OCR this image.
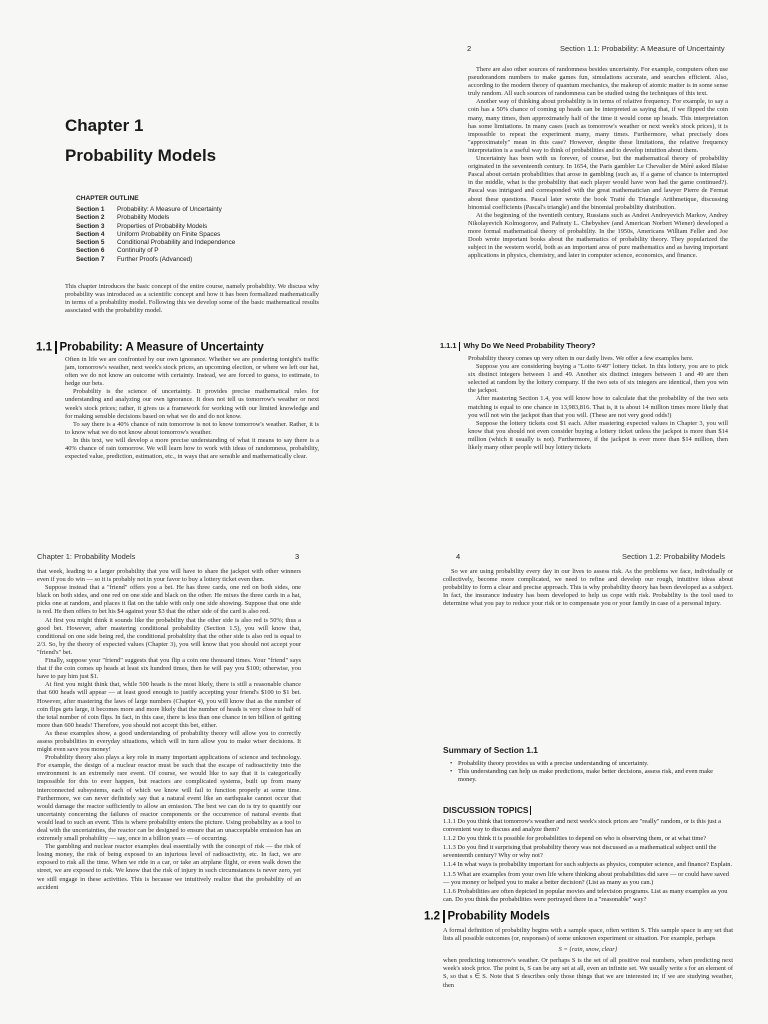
Chapter 1
Probability Models
CHAPTER OUTLINE
Section 1	Probability: A Measure of Uncertainty
Section 2	Probability Models
Section 3	Properties of Probability Models
Section 4	Uniform Probability on Finite Spaces
Section 5	Conditional Probability and Independence
Section 6	Continuity of P
Section 7	Further Proofs (Advanced)

This chapter introduces the basic concept of the entire course, namely probability. We discuss why probability was introduced as a scientific concept and how it has been formalized mathematically in terms of a probability model. Following this we develop some of the basic mathematical results associated with the probability model.

1.1 Probability: A Measure of Uncertainty

Often in life we are confronted by our own ignorance. Whether we are pondering tonight's traffic jam, tomorrow's weather, next week's stock prices, an upcoming election, or where we left our hat, often we do not know an outcome with certainty. Instead, we are forced to guess, to estimate, to hedge our bets.

Probability is the science of uncertainty. It provides precise mathematical rules for understanding and analyzing our own ignorance. It does not tell us tomorrow's weather or next week's stock prices; rather, it gives us a framework for working with our limited knowledge and for making sensible decisions based on what we do and do not know.

To say there is a 40% chance of rain tomorrow is not to know tomorrow's weather. Rather, it is to know what we do not know about tomorrow's weather.

In this text, we will develop a more precise understanding of what it means to say there is a 40% chance of rain tomorrow. We will learn how to work with ideas of randomness, probability, expected value, prediction, estimation, etc., in ways that are sensible and mathematically clear.

2	Section 1.1: Probability: A Measure of Uncertainty

There are also other sources of randomness besides uncertainty. For example, computers often use pseudorandom numbers to make games fun, simulations accurate, and searches efficient. Also, according to the modern theory of quantum mechanics, the makeup of atomic matter is in some sense truly random. All such sources of randomness can be studied using the techniques of this text.

Another way of thinking about probability is in terms of relative frequency. For example, to say a coin has a 50% chance of coming up heads can be interpreted as saying that, if we flipped the coin many, many times, then approximately half of the time it would come up heads. This interpretation has some limitations. In many cases (such as tomorrow's weather or next week's stock prices), it is impossible to repeat the experiment many, many times. Furthermore, what precisely does "approximately" mean in this case? However, despite these limitations, the relative frequency interpretation is a useful way to think of probabilities and to develop intuition about them.

Uncertainty has been with us forever, of course, but the mathematical theory of probability originated in the seventeenth century. In 1654, the Paris gambler Le Chevalier de Méré asked Blaise Pascal about certain probabilities that arose in gambling (such as, if a game of chance is interrupted in the middle, what is the probability that each player would have won had the game continued?). Pascal was intrigued and corresponded with the great mathematician and lawyer Pierre de Fermat about these questions. Pascal later wrote the book Traité du Triangle Arithmetique, discussing binomial coefficients (Pascal's triangle) and the binomial probability distribution.

At the beginning of the twentieth century, Russians such as Andrei Andreyevich Markov, Andrey Nikolayevich Kolmogorov, and Pafnuty L. Chebyshev (and American Norbert Wiener) developed a more formal mathematical theory of probability. In the 1950s, Americans William Feller and Joe Doob wrote important books about the mathematics of probability theory. They popularized the subject in the western world, both as an important area of pure mathematics and as having important applications in physics, chemistry, and later in computer science, economics, and finance.

1.1.1 Why Do We Need Probability Theory?

Probability theory comes up very often in our daily lives. We offer a few examples here.

Suppose you are considering buying a "Lotto 6/49" lottery ticket. In this lottery, you are to pick six distinct integers between 1 and 49. Another six distinct integers between 1 and 49 are then selected at random by the lottery company. If the two sets of six integers are identical, then you win the jackpot.

After mastering Section 1.4, you will know how to calculate that the probability of the two sets matching is equal to one chance in 13,983,816. That is, it is about 14 million times more likely that you will not win the jackpot than that you will. (These are not very good odds!)

Suppose the lottery tickets cost $1 each. After mastering expected values in Chapter 3, you will know that you should not even consider buying a lottery ticket unless the jackpot is more than $14 million (which it usually is not). Furthermore, if the jackpot is ever more than $14 million, then likely many other people will buy lottery tickets

Chapter 1: Probability Models	3

that week, leading to a larger probability that you will have to share the jackpot with other winners even if you do win — so it is probably not in your favor to buy a lottery ticket even then.

Suppose instead that a "friend" offers you a bet. He has three cards, one red on both sides, one black on both sides, and one red on one side and black on the other. He mixes the three cards in a hat, picks one at random, and places it flat on the table with only one side showing. Suppose that one side is red. He then offers to bet his $4 against your $3 that the other side of the card is also red.

At first you might think it sounds like the probability that the other side is also red is 50%; thus a good bet. However, after mastering conditional probability (Section 1.5), you will know that, conditional on one side being red, the conditional probability that the other side is also red is equal to 2/3. So, by the theory of expected values (Chapter 3), you will know that you should not accept your "friend's" bet.

Finally, suppose your "friend" suggests that you flip a coin one thousand times. Your "friend" says that if the coin comes up heads at least six hundred times, then he will pay you $100; otherwise, you have to pay him just $1.

At first you might think that, while 500 heads is the most likely, there is still a reasonable chance that 600 heads will appear — at least good enough to justify accepting your friend's $100 to $1 bet. However, after mastering the laws of large numbers (Chapter 4), you will know that as the number of coin flips gets large, it becomes more and more likely that the number of heads is very close to half of the total number of coin flips. In fact, in this case, there is less than one chance in ten billion of getting more than 600 heads! Therefore, you should not accept this bet, either.

As these examples show, a good understanding of probability theory will allow you to correctly assess probabilities in everyday situations, which will in turn allow you to make wiser decisions. It might even save you money!

Probability theory also plays a key role in many important applications of science and technology. For example, the design of a nuclear reactor must be such that the escape of radioactivity into the environment is an extremely rare event. Of course, we would like to say that it is categorically impossible for this to ever happen, but reactors are complicated systems, built up from many interconnected subsystems, each of which we know will fail to function properly at some time. Furthermore, we can never definitely say that a natural event like an earthquake cannot occur that would damage the reactor sufficiently to allow an emission. The best we can do is try to quantify our uncertainty concerning the failures of reactor components or the occurrence of natural events that would lead to such an event. This is where probability enters the picture. Using probability as a tool to deal with the uncertainties, the reactor can be designed to ensure that an unacceptable emission has an extremely small probability — say, once in a billion years — of occurring.

The gambling and nuclear reactor examples deal essentially with the concept of risk — the risk of losing money, the risk of being exposed to an injurious level of radioactivity, etc. In fact, we are exposed to risk all the time. When we ride in a car, or take an airplane flight, or even walk down the street, we are exposed to risk. We know that the risk of injury in such circumstances is never zero, yet we still engage in these activities. This is because we intuitively realize that the probability of an accident

4	Section 1.2: Probability Models

So we are using probability every day in our lives to assess risk. As the problems we face, individually or collectively, become more complicated, we need to refine and develop our rough, intuitive ideas about probability to form a clear and precise approach. This is why probability theory has been developed as a subject. In fact, the insurance industry has been developed to help us cope with risk. Probability is the tool used to determine what you pay to reduce your risk or to compensate you or your family in case of a personal injury.

Summary of Section 1.1
• Probability theory provides us with a precise understanding of uncertainty.
• This understanding can help us make predictions, make better decisions, assess risk, and even make money.
DISCUSSION TOPICS
1.1.1 Do you think that tomorrow's weather and next week's stock prices are "really" random, or is this just a convenient way to discuss and analyze them?
1.1.2 Do you think it is possible for probabilities to depend on who is observing them, or at what time?
1.1.3 Do you find it surprising that probability theory was not discussed as a mathematical subject until the seventeenth century? Why or why not?
1.1.4 In what ways is probability important for such subjects as physics, computer science, and finance? Explain.
1.1.5 What are examples from your own life where thinking about probabilities did save — or could have saved — you money or helped you to make a better decision? (List as many as you can.)
1.1.6 Probabilities are often depicted in popular movies and television programs. List as many examples as you can. Do you think the probabilities were portrayed there in a "reasonable" way?
1.2 Probability Models

A formal definition of probability begins with a sample space, often written S. This sample space is any set that lists all possible outcomes (or, responses) of some unknown experiment or situation. For example, perhaps

S = {rain, snow, clear}

when predicting tomorrow's weather. Or perhaps S is the set of all positive real numbers, when predicting next week's stock price. The point is, S can be any set at all, even an infinite set. We usually write s for an element of S, so that s ∈ S. Note that S describes only those things that we are interested in; if we are studying weather, then
